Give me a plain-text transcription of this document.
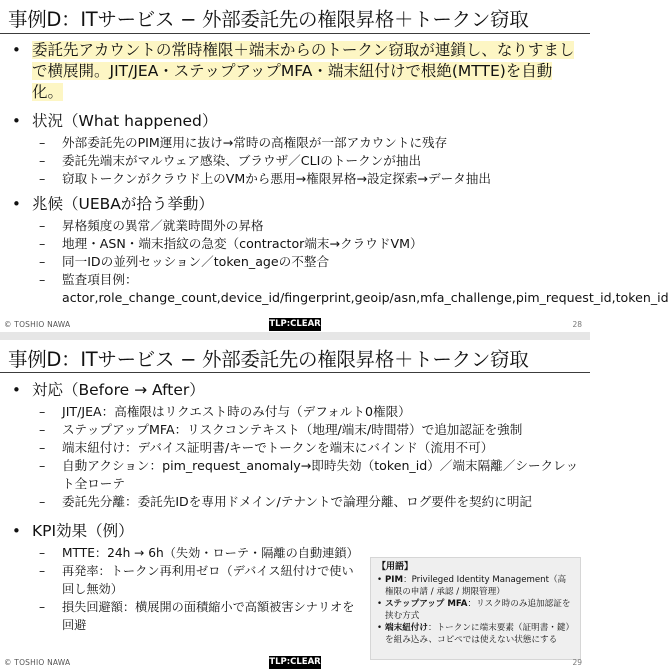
事例D：ITサービス − 外部委託先の権限昇格＋トークン窃取
• 委託先アカウントの常時権限＋端末からのトークン窃取が連鎖し、なりすましで横展開。JIT/JEA・ステップアップMFA・端末紐付けで根絶(MTTE)を自動化。
• 状況（What happened）
– 外部委託先のPIM運用に抜け→常時の高権限が一部アカウントに残存
– 委託先端末がマルウェア感染、ブラウザ／CLIのトークンが抽出
– 窃取トークンがクラウド上のVMから悪用→権限昇格→設定探索→データ抽出
• 兆候（UEBAが拾う挙動）
– 昇格頻度の異常／就業時間外の昇格
– 地理・ASN・端末指紋の急変（contractor端末→クラウドVM）
– 同一IDの並列セッション／token_ageの不整合
– 監査項目例：actor,role_change_count,device_id/fingerprint,geoip/asn,mfa_challenge,pim_request_id,token_id
© TOSHIO NAWA	TLP:CLEAR	28
事例D：ITサービス − 外部委託先の権限昇格＋トークン窃取
• 対応（Before → After）
– JIT/JEA：高権限はリクエスト時のみ付与（デフォルト0権限）
– ステップアップMFA：リスクコンテキスト（地理/端末/時間帯）で追加認証を強制
– 端末紐付け：デバイス証明書/キーでトークンを端末にバインド（流用不可）
– 自動アクション：pim_request_anomaly→即時失効（token_id）／端末隔離／シークレット全ローテ
– 委託先分離：委託先IDを専用ドメイン/テナントで論理分離、ログ要件を契約に明記
• KPI効果（例）
– MTTE：24h → 6h（失効・ローテ・隔離の自動連鎖）
– 再発率：トークン再利用ゼロ（デバイス紐付けで使い回し無効）
– 損失回避額：横展開の面積縮小で高額被害シナリオを回避
【用語】
• PIM：Privileged Identity Management（高権限の申請 / 承認 / 期限管理）
• ステップアップ MFA：リスク時のみ追加認証を挟む方式
• 端末紐付け：トークンに端末要素（証明書・鍵）を組み込み、コピペでは使えない状態にする
© TOSHIO NAWA	TLP:CLEAR	29
